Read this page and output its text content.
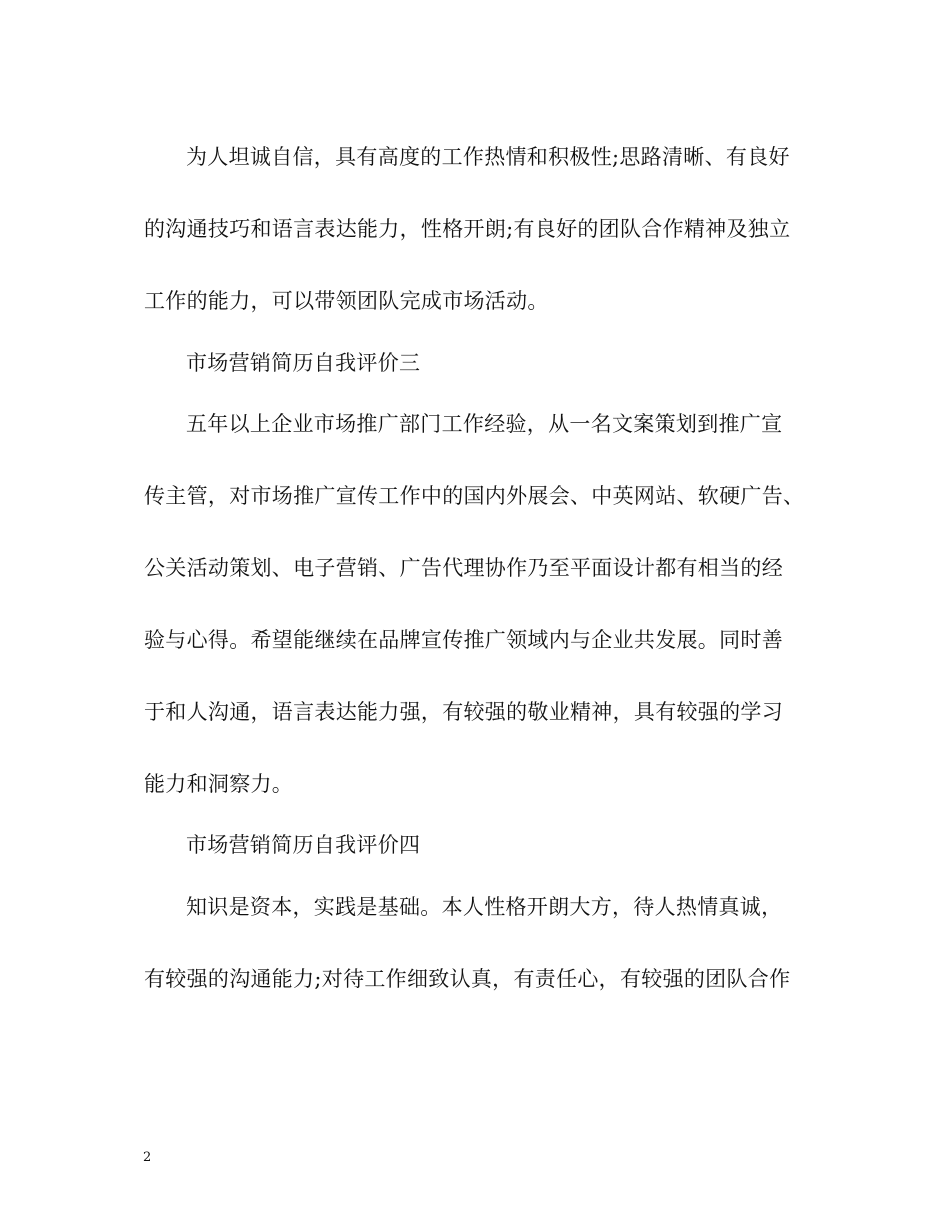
为人坦诚自信，具有高度的工作热情和积极性;思路清晰、有良好
的沟通技巧和语言表达能力，性格开朗;有良好的团队合作精神及独立
工作的能力，可以带领团队完成市场活动。
市场营销简历自我评价三
五年以上企业市场推广部门工作经验，从一名文案策划到推广宣
传主管，对市场推广宣传工作中的国内外展会、中英网站、软硬广告、
公关活动策划、电子营销、广告代理协作乃至平面设计都有相当的经
验与心得。希望能继续在品牌宣传推广领域内与企业共发展。同时善
于和人沟通，语言表达能力强，有较强的敬业精神，具有较强的学习
能力和洞察力。
市场营销简历自我评价四
知识是资本，实践是基础。本人性格开朗大方，待人热情真诚，
有较强的沟通能力;对待工作细致认真，有责任心，有较强的团队合作
2
